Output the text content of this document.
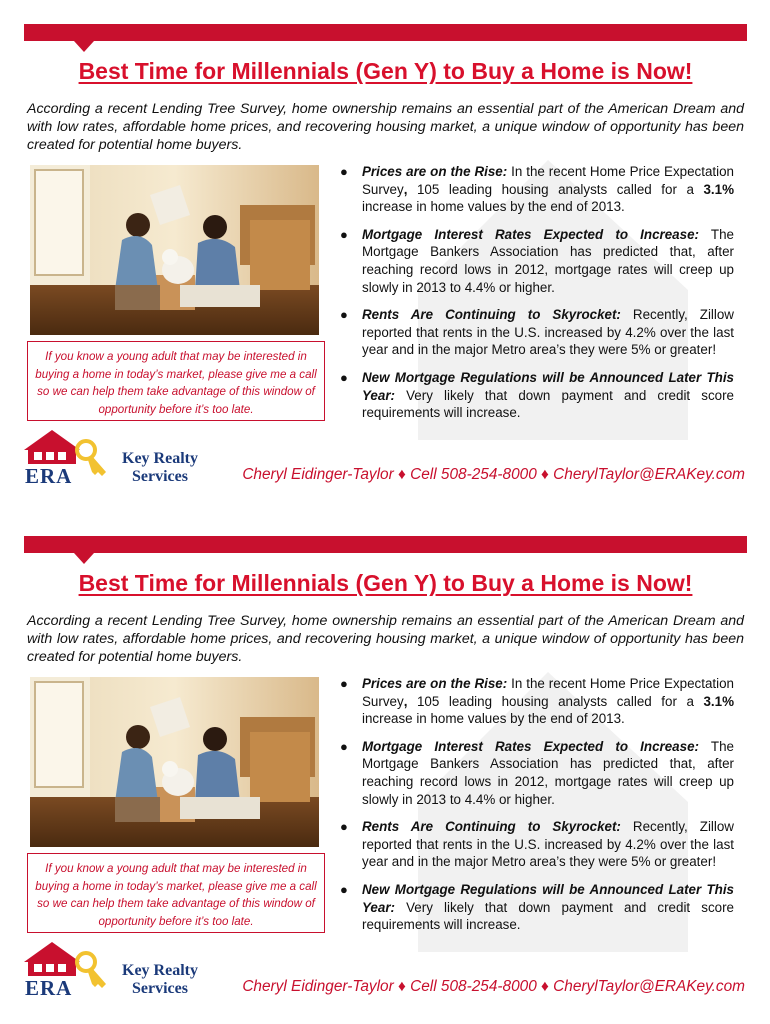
Best Time for Millennials (Gen Y) to Buy a Home is Now!

According a recent Lending Tree Survey, home ownership remains an essential part of the American Dream and with low rates, affordable home prices, and recovering housing market, a unique window of opportunity has been created for potential home buyers.

If you know a young adult that may be interested in buying a home in today’s market, please give me a call so we can help them take advantage of this window of opportunity before it’s too late.
● Prices are on the Rise: In the recent Home Price Expectation Survey, 105 leading housing analysts called for a 3.1% increase in home values by the end of 2013.
● Mortgage Interest Rates Expected to Increase: The Mortgage Bankers Association has predicted that, after reaching record lows in 2012, mortgage rates will creep up slowly in 2013 to 4.4% or higher.
● Rents Are Continuing to Skyrocket: Recently, Zillow reported that rents in the U.S. increased by 4.2% over the last year and in the major Metro area’s they were 5% or greater!
● New Mortgage Regulations will be Announced Later This Year: Very likely that down payment and credit score requirements will increase.
ERA
Key Realty
Services	Cheryl Eidinger-Taylor ♦ Cell 508-254-8000 ♦ CherylTaylor@ERAKey.com
Best Time for Millennials (Gen Y) to Buy a Home is Now!

According a recent Lending Tree Survey, home ownership remains an essential part of the American Dream and with low rates, affordable home prices, and recovering housing market, a unique window of opportunity has been created for potential home buyers.

If you know a young adult that may be interested in buying a home in today’s market, please give me a call so we can help them take advantage of this window of opportunity before it’s too late.
● Prices are on the Rise: In the recent Home Price Expectation Survey, 105 leading housing analysts called for a 3.1% increase in home values by the end of 2013.
● Mortgage Interest Rates Expected to Increase: The Mortgage Bankers Association has predicted that, after reaching record lows in 2012, mortgage rates will creep up slowly in 2013 to 4.4% or higher.
● Rents Are Continuing to Skyrocket: Recently, Zillow reported that rents in the U.S. increased by 4.2% over the last year and in the major Metro area’s they were 5% or greater!
● New Mortgage Regulations will be Announced Later This Year: Very likely that down payment and credit score requirements will increase.
ERA
Key Realty
Services	Cheryl Eidinger-Taylor ♦ Cell 508-254-8000 ♦ CherylTaylor@ERAKey.com
